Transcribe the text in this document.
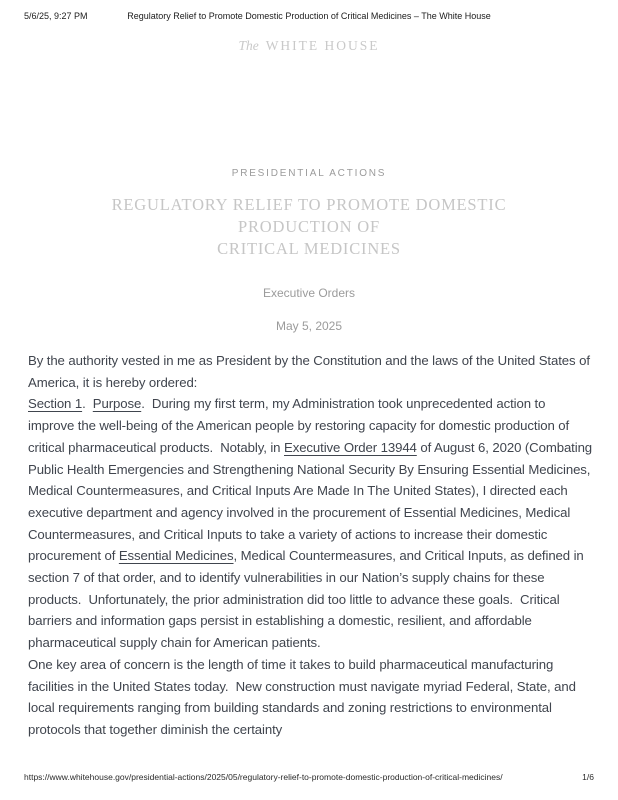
5/6/25, 9:27 PM	Regulatory Relief to Promote Domestic Production of Critical Medicines – The White House
The WHITE HOUSE
PRESIDENTIAL ACTIONS
REGULATORY RELIEF TO PROMOTE DOMESTIC PRODUCTION OF
CRITICAL MEDICINES
Executive Orders
May 5, 2025

By the authority vested in me as President by the Constitution and the laws of the United States of America, it is hereby ordered:

Section 1.  Purpose.  During my first term, my Administration took unprecedented action to improve the well-being of the American people by restoring capacity for domestic production of critical pharmaceutical products.  Notably, in Executive Order 13944 of August 6, 2020 (Combating Public Health Emergencies and Strengthening National Security By Ensuring Essential Medicines, Medical Countermeasures, and Critical Inputs Are Made In The United States), I directed each executive department and agency involved in the procurement of Essential Medicines, Medical Countermeasures, and Critical Inputs to take a variety of actions to increase their domestic procurement of Essential Medicines, Medical Countermeasures, and Critical Inputs, as defined in section 7 of that order, and to identify vulnerabilities in our Nation’s supply chains for these products.  Unfortunately, the prior administration did too little to advance these goals.  Critical barriers and information gaps persist in establishing a domestic, resilient, and affordable pharmaceutical supply chain for American patients.

One key area of concern is the length of time it takes to build pharmaceutical manufacturing facilities in the United States today.  New construction must navigate myriad Federal, State, and local requirements ranging from building standards and zoning restrictions to environmental protocols that together diminish the certainty

https://www.whitehouse.gov/presidential-actions/2025/05/regulatory-relief-to-promote-domestic-production-of-critical-medicines/	1/6
